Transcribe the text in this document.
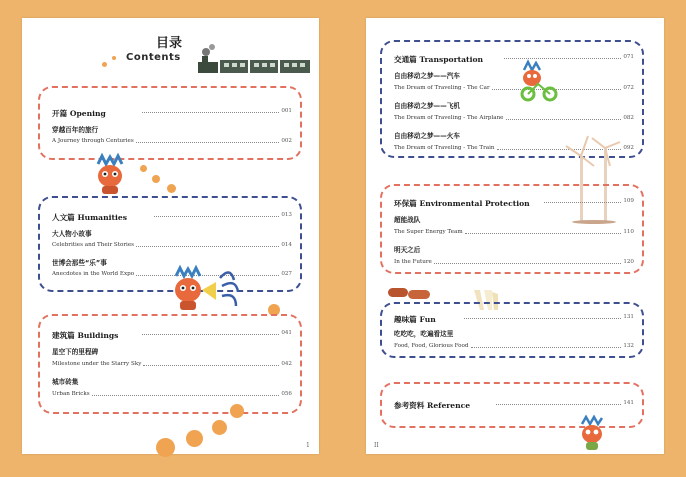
目录
Contents
开篇 Opening	001
穿越百年的旅行
A Journey through Centuries	002
人文篇 Humanities	013
大人物小故事
Celebrities and Their Stories	014
世博会那些“乐”事
Anecdotes in the World Expo	027
建筑篇 Buildings	041
星空下的里程碑
Milestone under the Starry Sky	042
城市砖集
Urban Bricks	056
1
交通篇 Transportation	071
自由移动之梦——汽车
The Dream of Traveling - The Car	072
自由移动之梦——飞机
The Dream of Traveling - The Airplane	082
自由移动之梦——火车
The Dream of Traveling - The Train	092
环保篇 Environmental Protection	109
超能战队
The Super Energy Team	110
明天之后
In the Future	120
趣味篇 Fun	131
吃吃吃，吃遍看这里
Food, Food, Glorious Food	132
参考资料 Reference	141
II
